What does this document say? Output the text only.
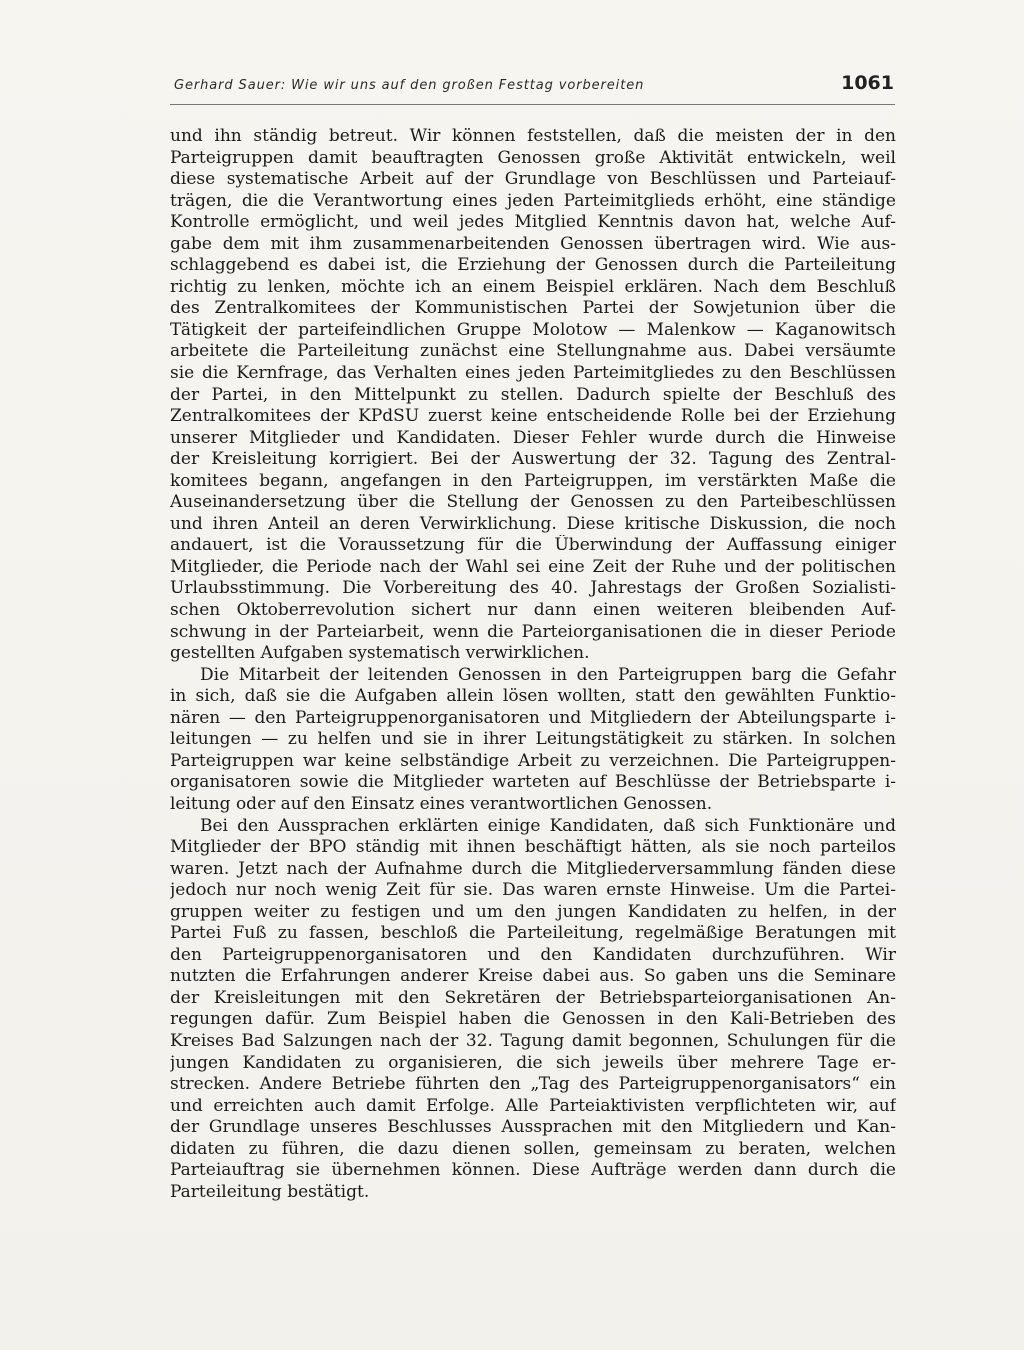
Gerhard Sauer: Wie wir uns auf den großen Festtag vorbereiten	1061
und ihn ständig betreut. Wir können feststellen, daß die meisten der in den
Parteigruppen damit beauftragten Genossen große Aktivität entwickeln, weil
diese systematische Arbeit auf der Grundlage von Beschlüssen und Parteiauf-
trägen, die die Verantwortung eines jeden Parteimitglieds erhöht, eine ständige
Kontrolle ermöglicht, und weil jedes Mitglied Kenntnis davon hat, welche Auf-
gabe dem mit ihm zusammenarbeitenden Genossen übertragen wird. Wie aus-
schlaggebend es dabei ist, die Erziehung der Genossen durch die Parteileitung
richtig zu lenken, möchte ich an einem Beispiel erklären. Nach dem Beschluß
des Zentralkomitees der Kommunistischen Partei der Sowjetunion über die
Tätigkeit der parteifeindlichen Gruppe Molotow — Malenkow — Kaganowitsch
arbeitete die Parteileitung zunächst eine Stellungnahme aus. Dabei versäumte
sie die Kernfrage, das Verhalten eines jeden Parteimitgliedes zu den Beschlüssen
der Partei, in den Mittelpunkt zu stellen. Dadurch spielte der Beschluß des
Zentralkomitees der KPdSU zuerst keine entscheidende Rolle bei der Erziehung
unserer Mitglieder und Kandidaten. Dieser Fehler wurde durch die Hinweise
der Kreisleitung korrigiert. Bei der Auswertung der 32. Tagung des Zentral-
komitees begann, angefangen in den Parteigruppen, im verstärkten Maße die
Auseinandersetzung über die Stellung der Genossen zu den Parteibeschlüssen
und ihren Anteil an deren Verwirklichung. Diese kritische Diskussion, die noch
andauert, ist die Voraussetzung für die Überwindung der Auffassung einiger
Mitglieder, die Periode nach der Wahl sei eine Zeit der Ruhe und der politischen
Urlaubsstimmung. Die Vorbereitung des 40. Jahrestags der Großen Sozialisti-
schen Oktoberrevolution sichert nur dann einen weiteren bleibenden Auf-
schwung in der Parteiarbeit, wenn die Parteiorganisationen die in dieser Periode
gestellten Aufgaben systematisch verwirklichen.
Die Mitarbeit der leitenden Genossen in den Parteigruppen barg die Gefahr
in sich, daß sie die Aufgaben allein lösen wollten, statt den gewählten Funktio-
nären — den Parteigruppenorganisatoren und Mitgliedern der Abteilungsparte i-
leitungen — zu helfen und sie in ihrer Leitungstätigkeit zu stärken. In solchen
Parteigruppen war keine selbständige Arbeit zu verzeichnen. Die Parteigruppen-
organisatoren sowie die Mitglieder warteten auf Beschlüsse der Betriebsparte i-
leitung oder auf den Einsatz eines verantwortlichen Genossen.
Bei den Aussprachen erklärten einige Kandidaten, daß sich Funktionäre und
Mitglieder der BPO ständig mit ihnen beschäftigt hätten, als sie noch parteilos
waren. Jetzt nach der Aufnahme durch die Mitgliederversammlung fänden diese
jedoch nur noch wenig Zeit für sie. Das waren ernste Hinweise. Um die Partei-
gruppen weiter zu festigen und um den jungen Kandidaten zu helfen, in der
Partei Fuß zu fassen, beschloß die Parteileitung, regelmäßige Beratungen mit
den Parteigruppenorganisatoren und den Kandidaten durchzuführen. Wir
nutzten die Erfahrungen anderer Kreise dabei aus. So gaben uns die Seminare
der Kreisleitungen mit den Sekretären der Betriebsparteiorganisationen An-
regungen dafür. Zum Beispiel haben die Genossen in den Kali-Betrieben des
Kreises Bad Salzungen nach der 32. Tagung damit begonnen, Schulungen für die
jungen Kandidaten zu organisieren, die sich jeweils über mehrere Tage er-
strecken. Andere Betriebe führten den „Tag des Parteigruppenorganisators“ ein
und erreichten auch damit Erfolge. Alle Parteiaktivisten verpflichteten wir, auf
der Grundlage unseres Beschlusses Aussprachen mit den Mitgliedern und Kan-
didaten zu führen, die dazu dienen sollen, gemeinsam zu beraten, welchen
Parteiauftrag sie übernehmen können. Diese Aufträge werden dann durch die
Parteileitung bestätigt.
